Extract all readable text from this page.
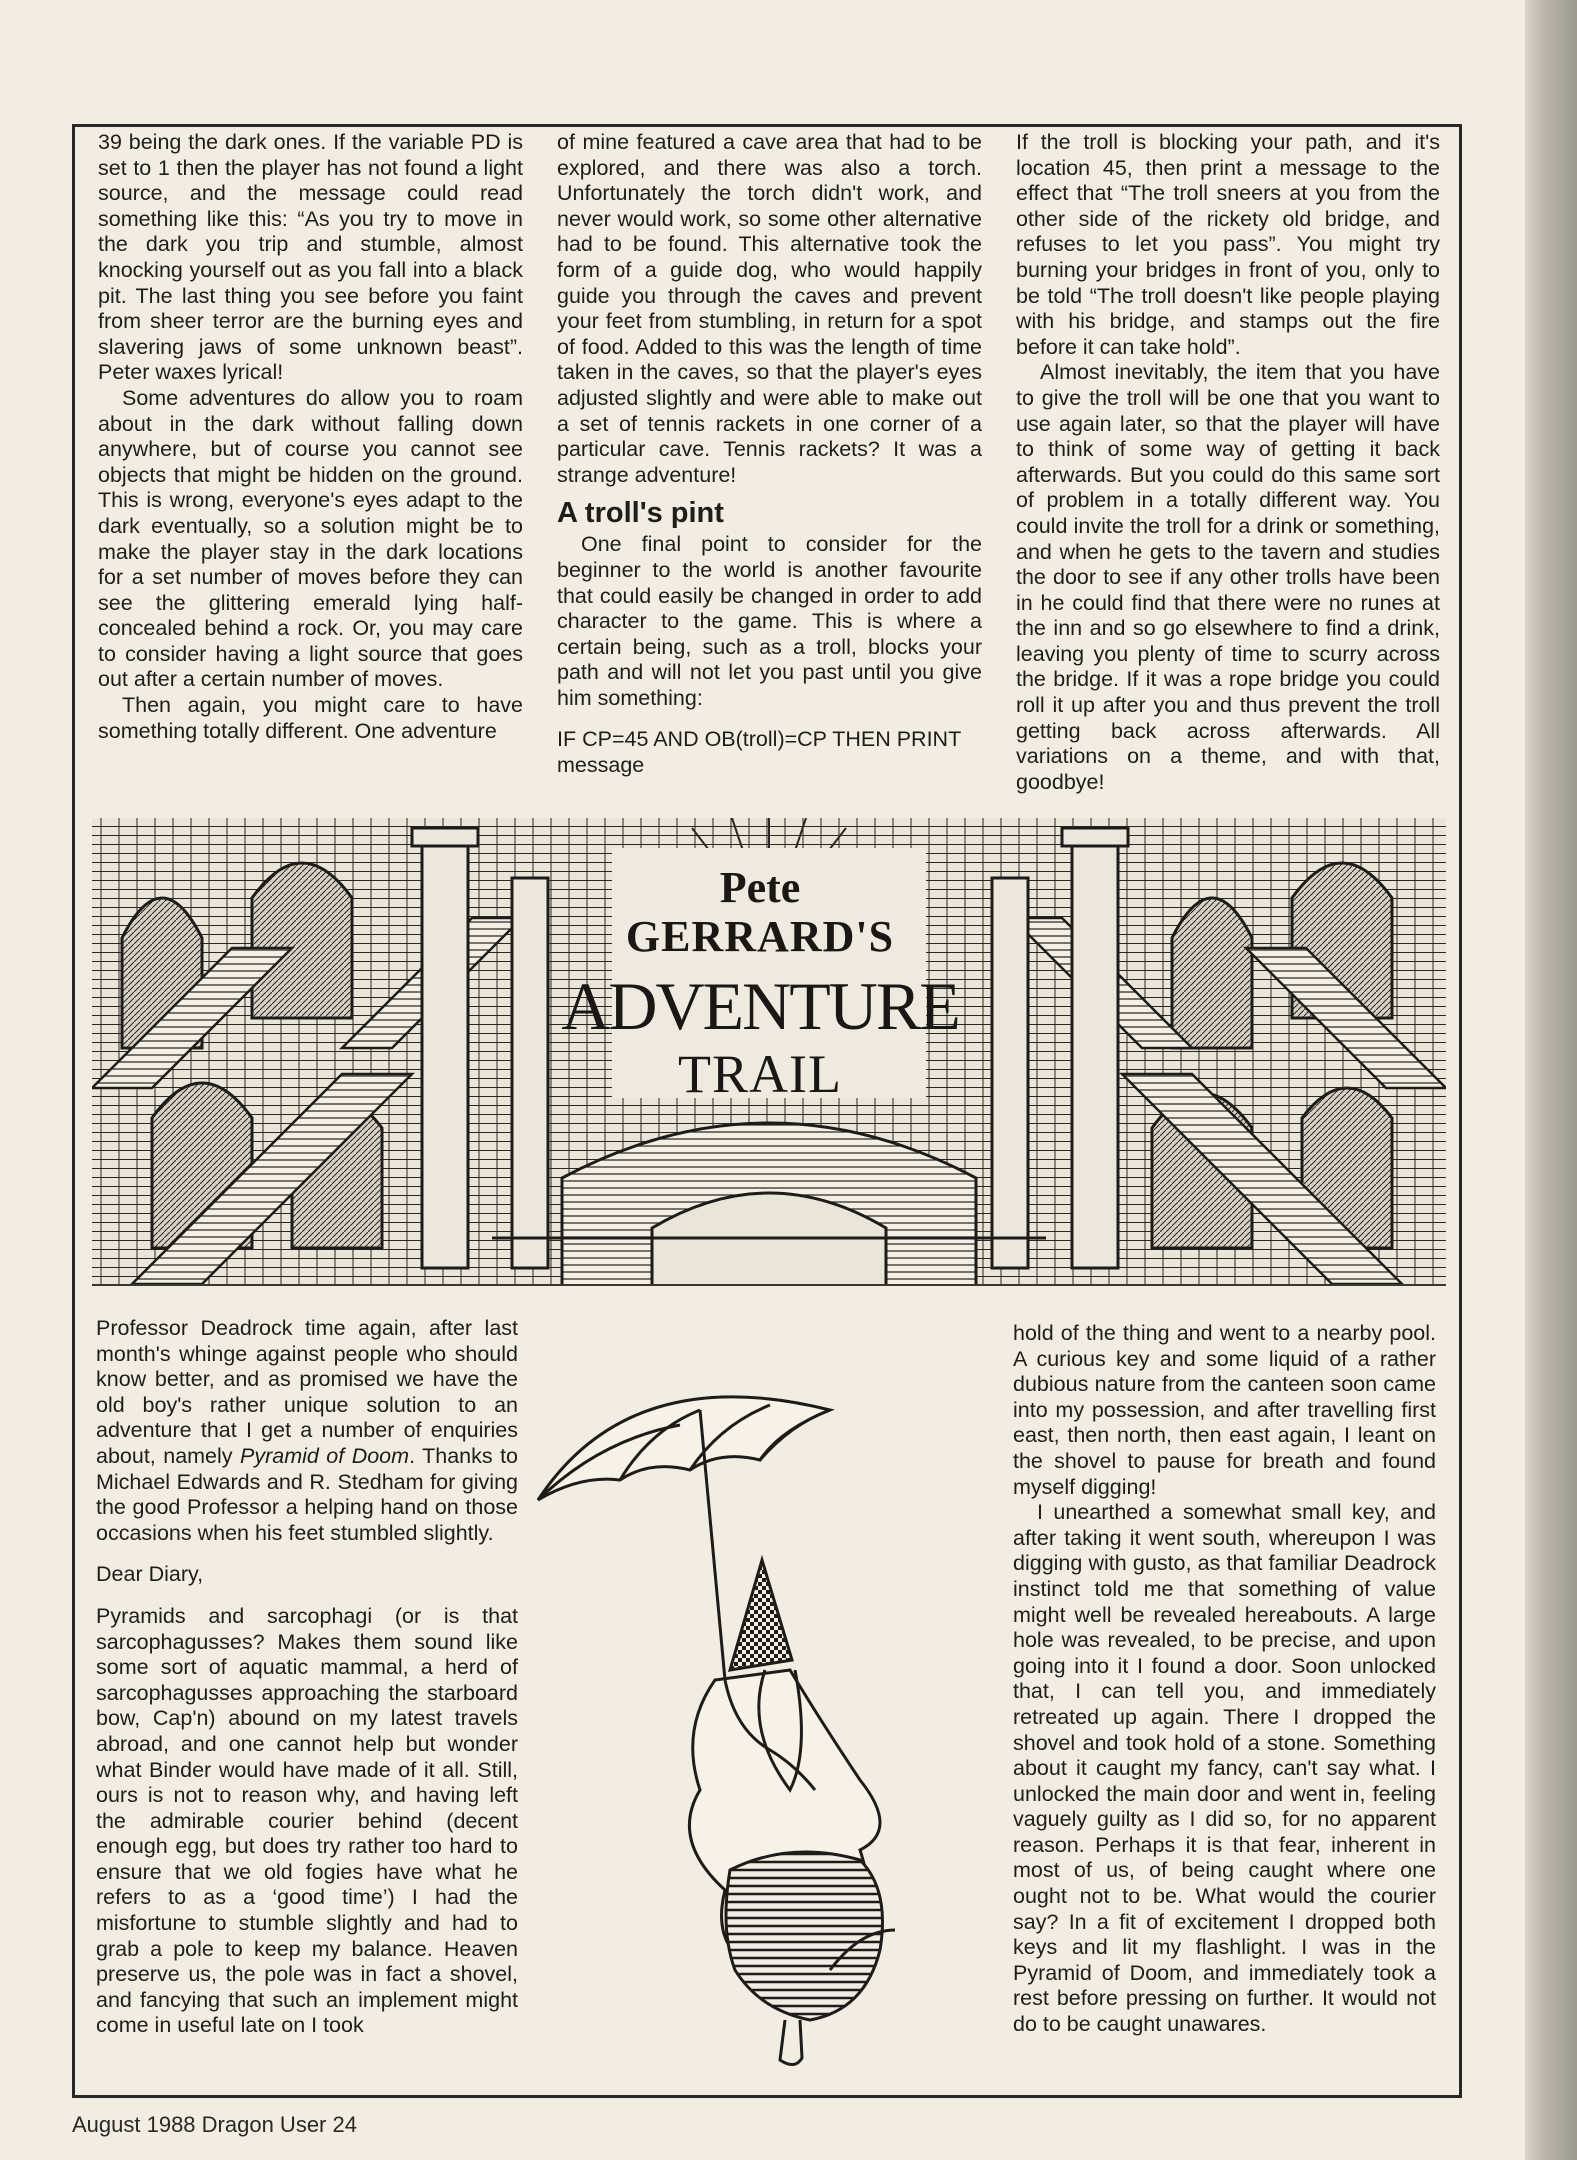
39 being the dark ones. If the variable PD is set to 1 then the player has not found a light source, and the message could read something like this: “As you try to move in the dark you trip and stumble, almost knocking yourself out as you fall into a black pit. The last thing you see before you faint from sheer terror are the burning eyes and slavering jaws of some unknown beast”. Peter waxes lyrical!

Some adventures do allow you to roam about in the dark without falling down anywhere, but of course you cannot see objects that might be hidden on the ground. This is wrong, everyone's eyes adapt to the dark eventually, so a solution might be to make the player stay in the dark locations for a set number of moves before they can see the glittering emerald lying half-concealed behind a rock. Or, you may care to consider having a light source that goes out after a certain number of moves.

Then again, you might care to have something totally different. One adventure

of mine featured a cave area that had to be explored, and there was also a torch. Unfortunately the torch didn't work, and never would work, so some other alternative had to be found. This alternative took the form of a guide dog, who would happily guide you through the caves and prevent your feet from stumbling, in return for a spot of food. Added to this was the length of time taken in the caves, so that the player's eyes adjusted slightly and were able to make out a set of tennis rackets in one corner of a particular cave. Tennis rackets? It was a strange adventure!

A troll's pint

One final point to consider for the beginner to the world is another favourite that could easily be changed in order to add character to the game. This is where a certain being, such as a troll, blocks your path and will not let you past until you give him something:

IF CP=45 AND OB(troll)=CP THEN PRINT message

If the troll is blocking your path, and it's location 45, then print a message to the effect that “The troll sneers at you from the other side of the rickety old bridge, and refuses to let you pass”. You might try burning your bridges in front of you, only to be told “The troll doesn't like people playing with his bridge, and stamps out the fire before it can take hold”.

Almost inevitably, the item that you have to give the troll will be one that you want to use again later, so that the player will have to think of some way of getting it back afterwards. But you could do this same sort of problem in a totally different way. You could invite the troll for a drink or something, and when he gets to the tavern and studies the door to see if any other trolls have been in he could find that there were no runes at the inn and so go elsewhere to find a drink, leaving you plenty of time to scurry across the bridge. If it was a rope bridge you could roll it up after you and thus prevent the troll getting back across afterwards. All variations on a theme, and with that, goodbye!

Pete
GERRARD'S
ADVENTURE
TRAIL

Professor Deadrock time again, after last month's whinge against people who should know better, and as promised we have the old boy's rather unique solution to an adventure that I get a number of enquiries about, namely Pyramid of Doom. Thanks to Michael Edwards and R. Stedham for giving the good Professor a helping hand on those occasions when his feet stumbled slightly.

Dear Diary,

Pyramids and sarcophagi (or is that sarcophagusses? Makes them sound like some sort of aquatic mammal, a herd of sarcophagusses approaching the starboard bow, Cap'n) abound on my latest travels abroad, and one cannot help but wonder what Binder would have made of it all. Still, ours is not to reason why, and having left the admirable courier behind (decent enough egg, but does try rather too hard to ensure that we old fogies have what he refers to as a ‘good time’) I had the misfortune to stumble slightly and had to grab a pole to keep my balance. Heaven preserve us, the pole was in fact a shovel, and fancying that such an implement might come in useful late on I took

hold of the thing and went to a nearby pool. A curious key and some liquid of a rather dubious nature from the canteen soon came into my possession, and after travelling first east, then north, then east again, I leant on the shovel to pause for breath and found myself digging!

I unearthed a somewhat small key, and after taking it went south, whereupon I was digging with gusto, as that familiar Deadrock instinct told me that something of value might well be revealed hereabouts. A large hole was revealed, to be precise, and upon going into it I found a door. Soon unlocked that, I can tell you, and immediately retreated up again. There I dropped the shovel and took hold of a stone. Something about it caught my fancy, can't say what. I unlocked the main door and went in, feeling vaguely guilty as I did so, for no apparent reason. Perhaps it is that fear, inherent in most of us, of being caught where one ought not to be. What would the courier say? In a fit of excitement I dropped both keys and lit my flashlight. I was in the Pyramid of Doom, and immediately took a rest before pressing on further. It would not do to be caught unawares.

August 1988 Dragon User 24
